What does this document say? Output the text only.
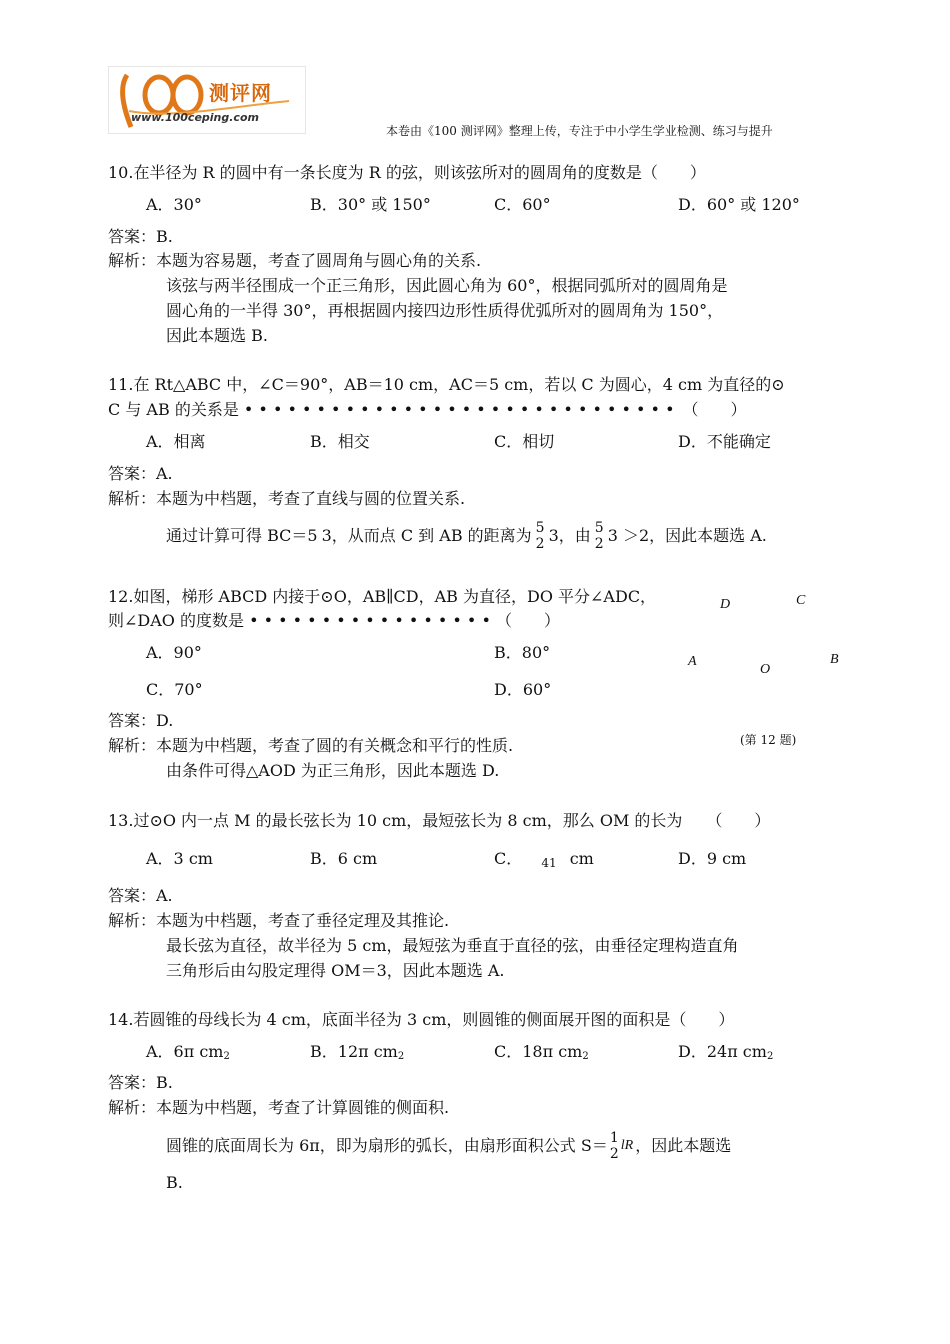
测评网
www.100ceping.com
本卷由《100 测评网》整理上传，专注于中小学生学业检测、练习与提升
10.在半径为 R 的圆中有一条长度为 R 的弦，则该弦所对的圆周角的度数是（　　）
A．30°	B．30° 或 150°	C．60°	D．60° 或 120°
答案：B.
解析：本题为容易题，考查了圆周角与圆心角的关系.
该弦与两半径围成一个正三角形，因此圆心角为 60°，根据同弧所对的圆周角是
圆心角的一半得 30°，再根据圆内接四边形性质得优弧所对的圆周角为 150°，
因此本题选 B.
11.在 Rt△ABC 中，∠C＝90°，AB＝10 cm，AC＝5 cm，若以 C 为圆心，4 cm 为直径的⊙
C 与 AB 的关系是 • • • • • • • • • • • • • • • • • • • • • • • • • • • • • •　（　　）
A．相离	B．相交	C．相切	D．不能确定
答案：A.
解析：本题为中档题，考查了直线与圆的位置关系.
通过计算可得 BC＝5 3，从而点 C 到 AB 的距离为 5
2 3，由 5
2 3 ＞2，因此本题选 A.
12.如图，梯形 ABCD 内接于⊙O，AB∥CD，AB 为直径，DO 平分∠ADC，
则∠DAO 的度数是 • • • • • • • • • • • • • • • • • （　　）
A．90°	B．80°
C．70°	D．60°
答案：D.
解析：本题为中档题，考查了圆的有关概念和平行的性质.
由条件可得△AOD 为正三角形，因此本题选 D.
D	C
A
O
B
(第 12 题)
13.过⊙O 内一点 M 的最长弦长为 10 cm，最短弦长为 8 cm，那么 OM 的长为　　（　　）
A．3 cm	B．6 cm	C． 41 cm	D．9 cm
答案：A.
解析：本题为中档题，考查了垂径定理及其推论.
最长弦为直径，故半径为 5 cm，最短弦为垂直于直径的弦，由垂径定理构造直角
三角形后由勾股定理得 OM＝3，因此本题选 A.
14.若圆锥的母线长为 4 cm，底面半径为 3 cm，则圆锥的侧面展开图的面积是（　　）
A．6π $cm_2$	B．12π $cm_2$	C．18π $cm_2$	D．24π $cm_2$
答案：B.
解析：本题为中档题，考查了计算圆锥的侧面积.
圆锥的底面周长为 6π，即为扇形的弧长，由扇形面积公式 S＝ 1
2
lR ，因此本题选
B.
